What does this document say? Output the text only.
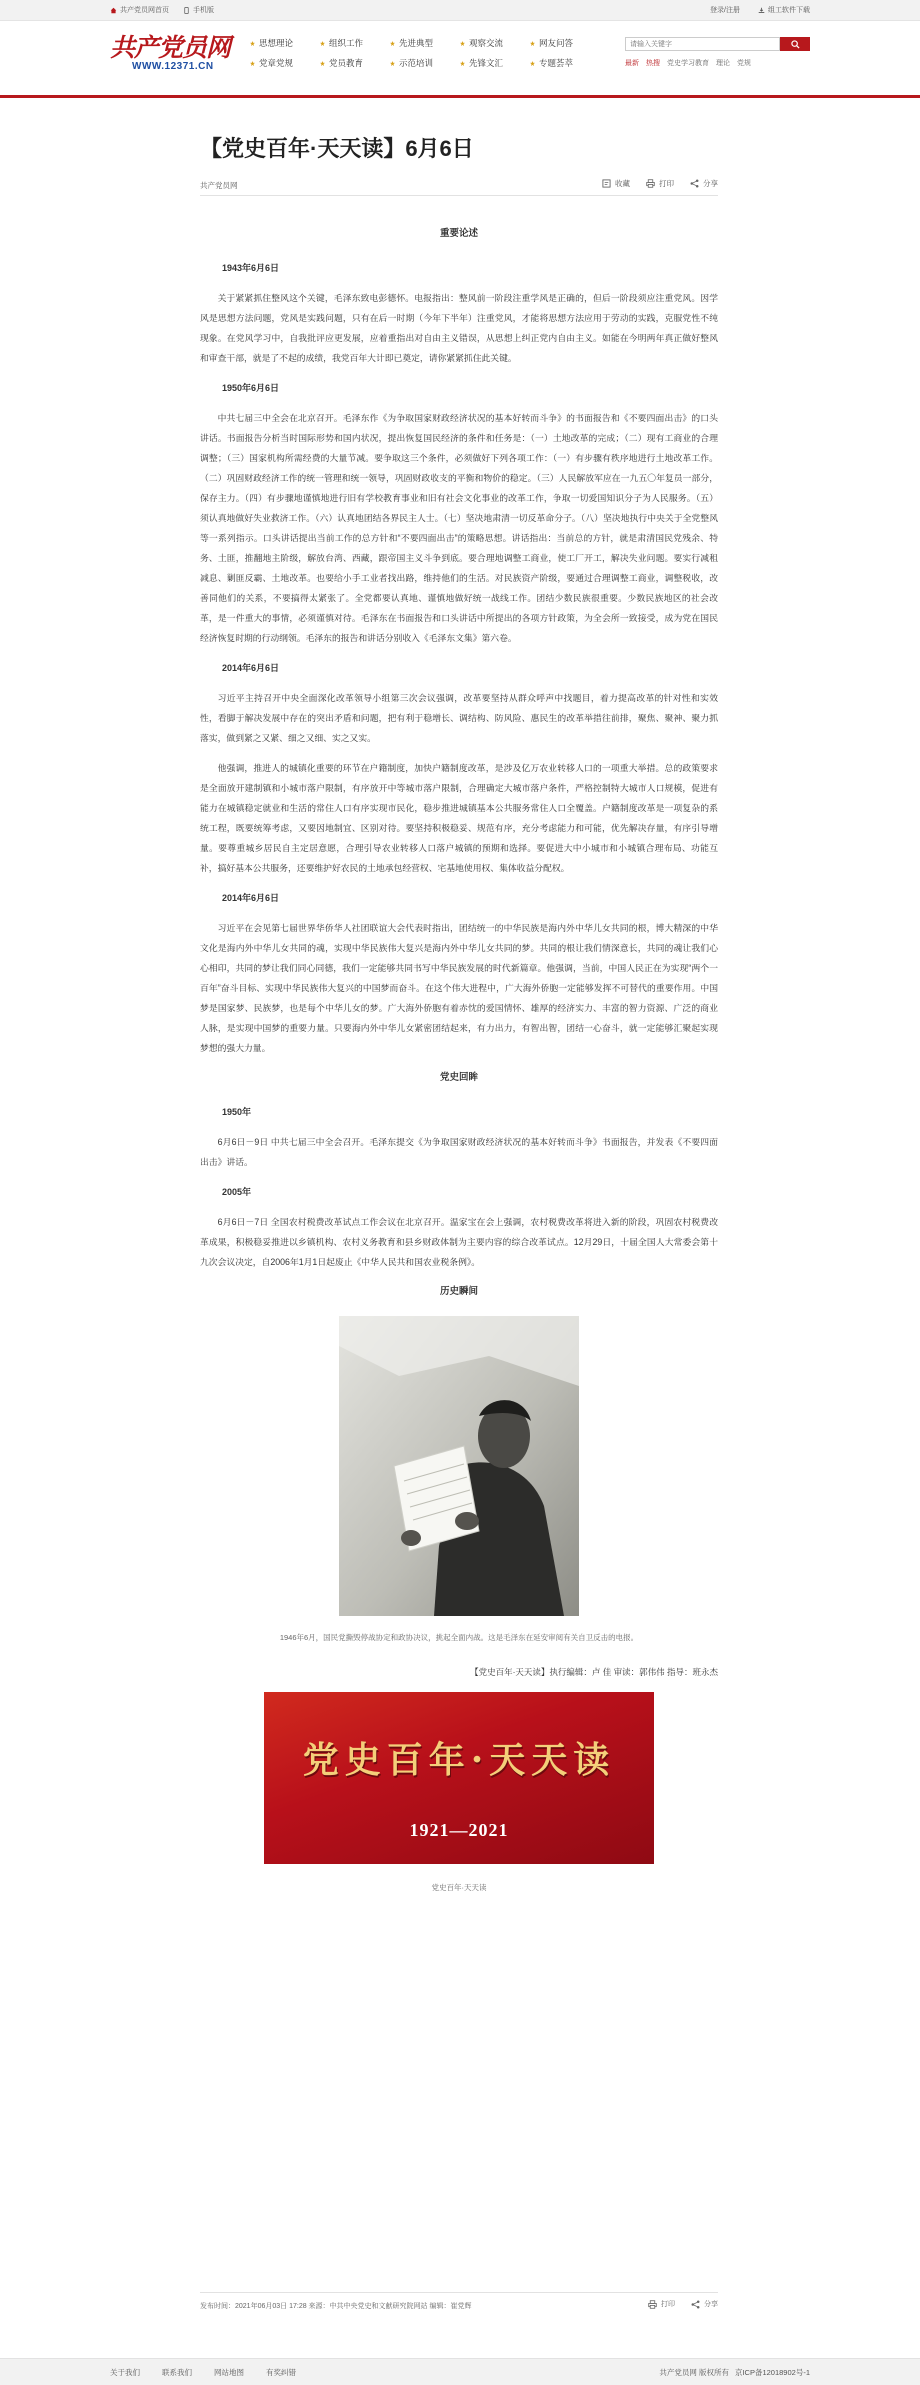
共产党员网首页	手机版	登录/注册	组工软件下载
共产党员网
WWW.12371.CN
思想理论	组织工作	先进典型	观察交流	网友问答
党章党规	党员教育	示范培训	先锋文汇	专题荟萃
请输入关键字	最新 热搜 党史学习教育 理论 党规
【党史百年·天天读】6月6日
共产党员网	收藏	打印	分享
重要论述
1943年6月6日

关于紧紧抓住整风这个关键，毛泽东致电彭德怀。电报指出：整风前一阶段注重学风是正确的，但后一阶段须应注重党风。因学风是思想方法问题，党风是实践问题，只有在后一时期（今年下半年）注重党风，才能将思想方法应用于劳动的实践，克服党性不纯现象。在党风学习中，自我批评应更发展，应着重指出对自由主义错误，从思想上纠正党内自由主义。如能在今明两年真正做好整风和审查干部，就是了不起的成绩，我党百年大计即已奠定，请你紧紧抓住此关键。

1950年6月6日

中共七届三中全会在北京召开。毛泽东作《为争取国家财政经济状况的基本好转而斗争》的书面报告和《不要四面出击》的口头讲话。书面报告分析当时国际形势和国内状况，提出恢复国民经济的条件和任务是：（一）土地改革的完成；（二）现有工商业的合理调整；（三）国家机构所需经费的大量节减。要争取这三个条件，必须做好下列各项工作：（一）有步骤有秩序地进行土地改革工作。（二）巩固财政经济工作的统一管理和统一领导，巩固财政收支的平衡和物价的稳定。（三）人民解放军应在一九五〇年复员一部分，保存主力。（四）有步骤地谨慎地进行旧有学校教育事业和旧有社会文化事业的改革工作，争取一切爱国知识分子为人民服务。（五）须认真地做好失业救济工作。（六）认真地团结各界民主人士。（七）坚决地肃清一切反革命分子。（八）坚决地执行中央关于全党整风等一系列指示。口头讲话提出当前工作的总方针和“不要四面出击”的策略思想。讲话指出：当前总的方针，就是肃清国民党残余、特务、土匪，推翻地主阶级，解放台湾、西藏，跟帝国主义斗争到底。要合理地调整工商业，使工厂开工，解决失业问题。要实行减租减息、剿匪反霸、土地改革。也要给小手工业者找出路，维持他们的生活。对民族资产阶级，要通过合理调整工商业，调整税收，改善同他们的关系，不要搞得太紧张了。全党都要认真地、谨慎地做好统一战线工作。团结少数民族很重要。少数民族地区的社会改革，是一件重大的事情，必须谨慎对待。毛泽东在书面报告和口头讲话中所提出的各项方针政策，为全会所一致接受，成为党在国民经济恢复时期的行动纲领。毛泽东的报告和讲话分别收入《毛泽东文集》第六卷。

2014年6月6日

习近平主持召开中央全面深化改革领导小组第三次会议强调，改革要坚持从群众呼声中找题目，着力提高改革的针对性和实效性，看脚于解决发展中存在的突出矛盾和问题，把有利于稳增长、调结构、防风险、惠民生的改革举措往前排，聚焦、聚神、聚力抓落实，做到紧之又紧、细之又细、实之又实。

他强调，推进人的城镇化重要的环节在户籍制度，加快户籍制度改革，是涉及亿万农业转移人口的一项重大举措。总的政策要求是全面放开建制镇和小城市落户限制，有序放开中等城市落户限制，合理确定大城市落户条件，严格控制特大城市人口规模，促进有能力在城镇稳定就业和生活的常住人口有序实现市民化，稳步推进城镇基本公共服务常住人口全覆盖。户籍制度改革是一项复杂的系统工程，既要统筹考虑，又要因地制宜、区别对待。要坚持积极稳妥、规范有序，充分考虑能力和可能，优先解决存量，有序引导增量。要尊重城乡居民自主定居意愿，合理引导农业转移人口落户城镇的预期和选择。要促进大中小城市和小城镇合理布局、功能互补，搞好基本公共服务，还要维护好农民的土地承包经营权、宅基地使用权、集体收益分配权。

2014年6月6日

习近平在会见第七届世界华侨华人社团联谊大会代表时指出，团结统一的中华民族是海内外中华儿女共同的根，博大精深的中华文化是海内外中华儿女共同的魂，实现中华民族伟大复兴是海内外中华儿女共同的梦。共同的根让我们情深意长，共同的魂让我们心心相印，共同的梦让我们同心同德，我们一定能够共同书写中华民族发展的时代新篇章。他强调，当前，中国人民正在为实现“两个一百年”奋斗目标、实现中华民族伟大复兴的中国梦而奋斗。在这个伟大进程中，广大海外侨胞一定能够发挥不可替代的重要作用。中国梦是国家梦、民族梦，也是每个中华儿女的梦。广大海外侨胞有着赤忱的爱国情怀、雄厚的经济实力、丰富的智力资源、广泛的商业人脉，是实现中国梦的重要力量。只要海内外中华儿女紧密团结起来，有力出力，有智出智，团结一心奋斗，就一定能够汇聚起实现梦想的强大力量。

党史回眸
1950年

6月6日－9日 中共七届三中全会召开。毛泽东提交《为争取国家财政经济状况的基本好转而斗争》书面报告，并发表《不要四面出击》讲话。

2005年

6月6日－7日 全国农村税费改革试点工作会议在北京召开。温家宝在会上强调，农村税费改革将进入新的阶段，巩固农村税费改革成果，积极稳妥推进以乡镇机构、农村义务教育和县乡财政体制为主要内容的综合改革试点。12月29日，十届全国人大常委会第十九次会议决定，自2006年1月1日起废止《中华人民共和国农业税条例》。

历史瞬间
1946年6月，国民党撕毁停战协定和政协决议，挑起全面内战。这是毛泽东在延安审阅有关自卫反击的电报。
【党史百年·天天读】执行编辑：卢 佳 审读：郭伟伟 指导：班永杰
党史百年·天天读
1921—2021
党史百年·天天读
发布时间：2021年06月03日 17:28 来源：中共中央党史和文献研究院网站 编辑：崔党辉	打印	分享
关于我们	联系我们	网站地图	有奖纠错	共产党员网 版权所有 京ICP备12018902号-1
